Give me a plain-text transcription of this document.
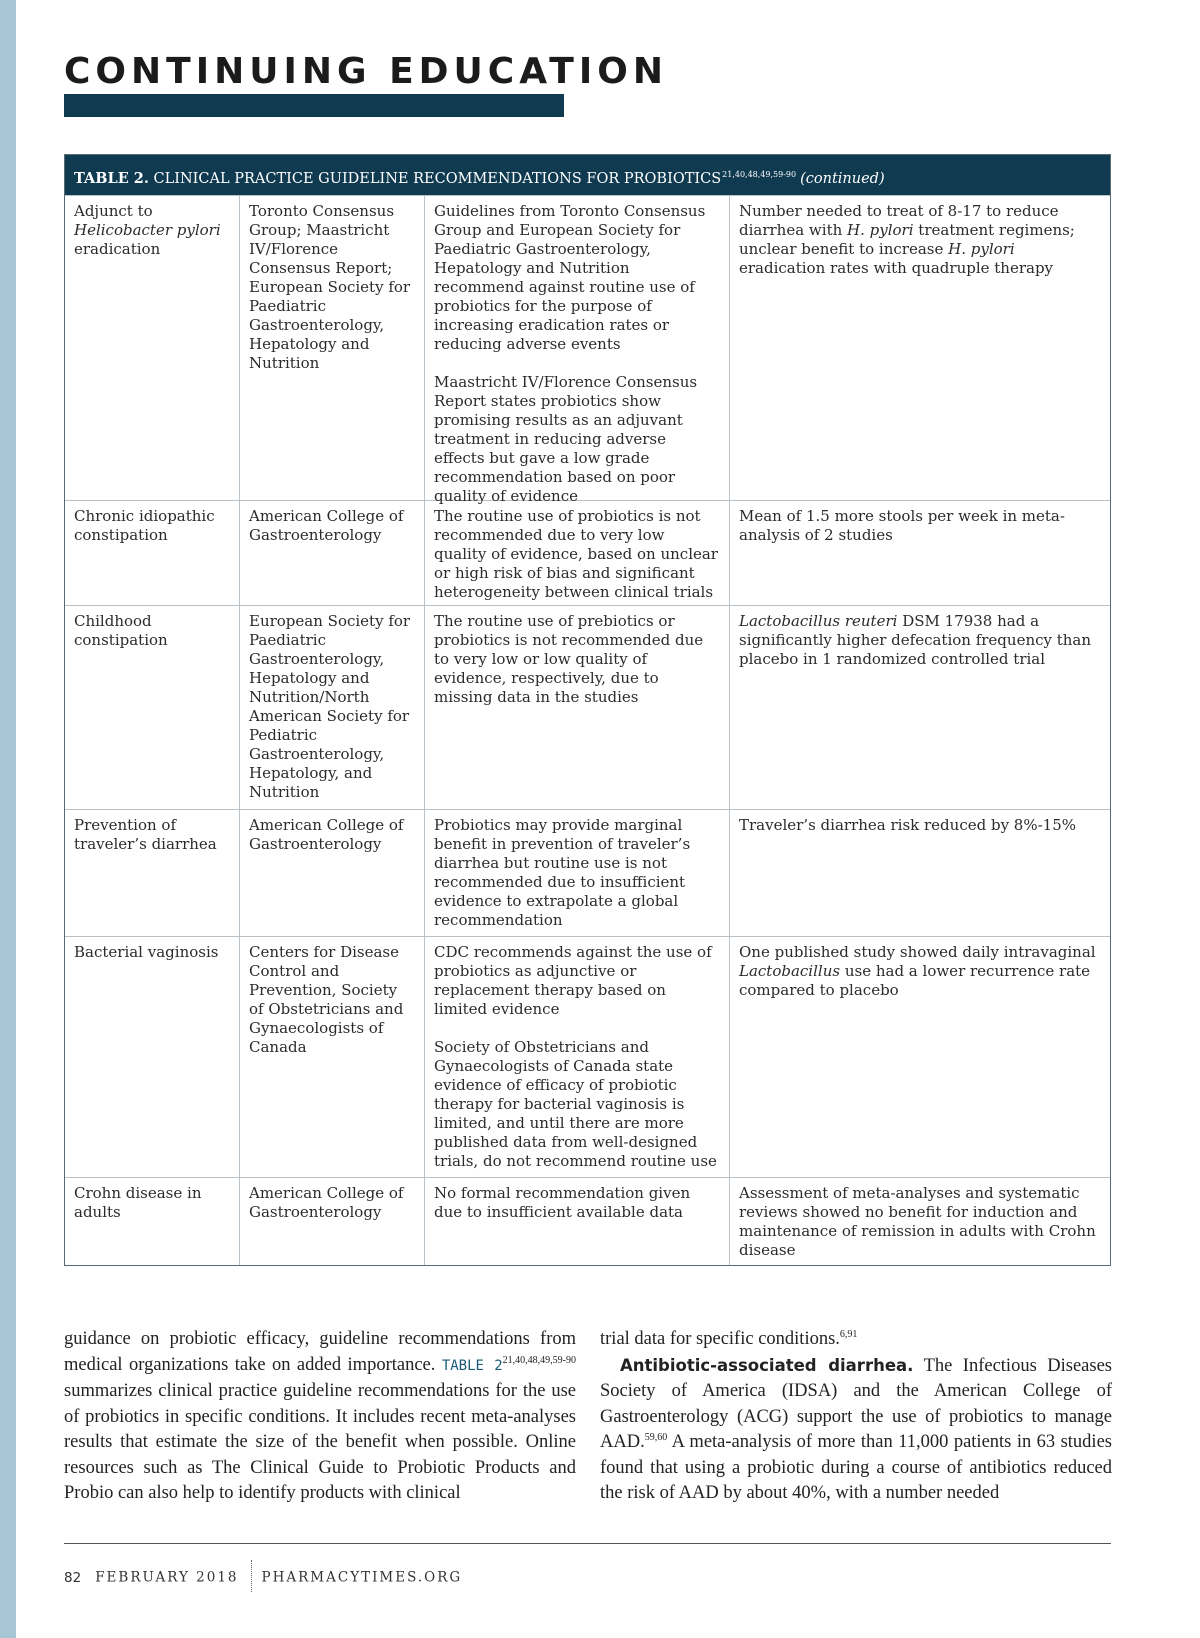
CONTINUING EDUCATION
TABLE 2. CLINICAL PRACTICE GUIDELINE RECOMMENDATIONS FOR PROBIOTICS$^{21,40,48,49,59-90}$ (continued)
Adjunct to
Helicobacter pylori
eradication
Toronto Consensus Group; Maastricht IV/Florence Consensus Report; European Society for Paediatric Gastroenterology, Hepatology and Nutrition
Guidelines from Toronto Consensus Group and European Society for Paediatric Gastroenterology, Hepatology and Nutrition recommend against routine use of probiotics for the purpose of increasing eradication rates or reducing adverse events
Maastricht IV/Florence Consensus Report states probiotics show promising results as an adjuvant treatment in reducing adverse effects but gave a low grade recommendation based on poor quality of evidence
Number needed to treat of 8-17 to reduce diarrhea with H. pylori treatment regimens; unclear benefit to increase H. pylori eradication rates with quadruple therapy
Chronic idiopathic constipation
American College of Gastroenterology
The routine use of probiotics is not recommended due to very low quality of evidence, based on unclear or high risk of bias and significant heterogeneity between clinical trials
Mean of 1.5 more stools per week in meta-analysis of 2 studies
Childhood constipation
European Society for Paediatric Gastroenterology, Hepatology and Nutrition/North American Society for Pediatric Gastroenterology, Hepatology, and Nutrition
The routine use of prebiotics or probiotics is not recommended due to very low or low quality of evidence, respectively, due to missing data in the studies
Lactobacillus reuteri DSM 17938 had a significantly higher defecation frequency than placebo in 1 randomized controlled trial
Prevention of traveler’s diarrhea
American College of Gastroenterology
Probiotics may provide marginal benefit in prevention of traveler’s diarrhea but routine use is not recommended due to insufficient evidence to extrapolate a global recommendation
Traveler’s diarrhea risk reduced by 8%-15%
Bacterial vaginosis	Centers for Disease Control and Prevention, Society of Obstetricians and Gynaecologists of Canada
CDC recommends against the use of probiotics as adjunctive or replacement therapy based on limited evidence
Society of Obstetricians and Gynaecologists of Canada state evidence of efficacy of probiotic therapy for bacterial vaginosis is limited, and until there are more published data from well-designed trials, do not recommend routine use
One published study showed daily intravaginal Lactobacillus use had a lower recurrence rate compared to placebo
Crohn disease in adults
American College of Gastroenterology
No formal recommendation given due to insufficient available data
Assessment of meta-analyses and systematic reviews showed no benefit for induction and maintenance of remission in adults with Crohn disease

guidance on probiotic efficacy, guideline recommendations from medical organizations take on added importance. TABLE 2$^{21,40,48,49,59-90}$ summarizes clinical practice guideline recommendations for the use of probiotics in specific conditions. It includes recent meta-analyses results that estimate the size of the benefit when possible. Online resources such as The Clinical Guide to Probiotic Products and Probio can also help to identify products with clinical

trial data for specific conditions.$^{6,91}$

Antibiotic-associated diarrhea. The Infectious Diseases Society of America (IDSA) and the American College of Gastroenterology (ACG) support the use of probiotics to manage AAD.$^{59,60}$ A meta-analysis of more than 11,000 patients in 63 studies found that using a probiotic during a course of antibiotics reduced the risk of AAD by about 40%, with a number needed

82 FEBRUARY 2018 PHARMACYTIMES.ORG
